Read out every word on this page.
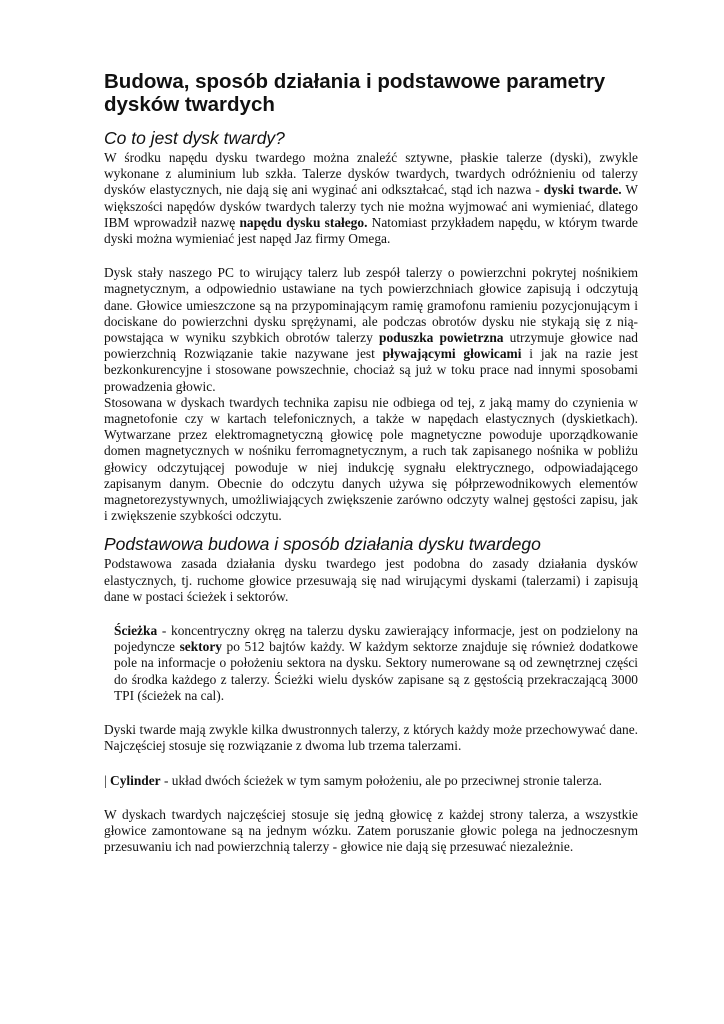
Budowa, sposób działania i podstawowe parametry dysków twardych
Co to jest dysk twardy?

W środku napędu dysku twardego można znaleźć sztywne, płaskie talerze (dyski), zwykle wykonane z aluminium lub szkła. Talerze dysków twardych, twardych odróżnieniu od talerzy dysków elastycznych, nie dają się ani wyginać ani odkształcać, stąd ich nazwa - dyski twarde. W większości napędów dysków twardych talerzy tych nie można wyjmować ani wymieniać, dlatego IBM wprowadził nazwę napędu dysku stałego. Natomiast przykładem napędu, w którym twarde dyski można wymieniać jest napęd Jaz firmy Omega.

Dysk stały naszego PC to wirujący talerz lub zespół talerzy o powierzchni pokrytej nośnikiem magnetycznym, a odpowiednio ustawiane na tych powierzchniach głowice zapisują i odczytują dane. Głowice umieszczone są na przypominającym ramię gramofonu ramieniu pozycjonującym i dociskane do powierzchni dysku sprężynami, ale podczas obrotów dysku nie stykają się z nią- powstająca w wyniku szybkich obrotów talerzy poduszka powietrzna utrzymuje głowice nad powierzchnią Rozwiązanie takie nazywane jest pływającymi głowicami i jak na razie jest bezkonkurencyjne i stosowane powszechnie, chociaż są już w toku prace nad innymi sposobami prowadzenia głowic.

Stosowana w dyskach twardych technika zapisu nie odbiega od tej, z jaką mamy do czynienia w magnetofonie czy w kartach telefonicznych, a także w napędach elastycznych (dyskietkach). Wytwarzane przez elektromagnetyczną głowicę pole magnetyczne powoduje uporządkowanie domen magnetycznych w nośniku ferromagnetycznym, a ruch tak zapisanego nośnika w pobliżu głowicy odczytującej powoduje w niej indukcję sygnału elektrycznego, odpowiadającego zapisanym danym. Obecnie do odczytu danych używa się półprzewodnikowych elementów magnetorezystywnych, umożliwiających zwiększenie zarówno odczyty walnej gęstości zapisu, jak i zwiększenie szybkości odczytu.

Podstawowa budowa i sposób działania dysku twardego

Podstawowa zasada działania dysku twardego jest podobna do zasady działania dysków elastycznych, tj. ruchome głowice przesuwają się nad wirującymi dyskami (talerzami) i zapisują dane w postaci ścieżek i sektorów.

Ścieżka - koncentryczny okręg na talerzu dysku zawierający informacje, jest on podzielony na pojedyncze sektory po 512 bajtów każdy. W każdym sektorze znajduje się również dodatkowe pole na informacje o położeniu sektora na dysku. Sektory numerowane są od zewnętrznej części do środka każdego z talerzy. Ścieżki wielu dysków zapisane są z gęstością przekraczającą 3000 TPI (ścieżek na cal).

Dyski twarde mają zwykle kilka dwustronnych talerzy, z których każdy może przechowywać dane. Najczęściej stosuje się rozwiązanie z dwoma lub trzema talerzami.

| Cylinder - układ dwóch ścieżek w tym samym położeniu, ale po przeciwnej stronie talerza.

W dyskach twardych najczęściej stosuje się jedną głowicę z każdej strony talerza, a wszystkie głowice zamontowane są na jednym wózku. Zatem poruszanie głowic polega na jednoczesnym przesuwaniu ich nad powierzchnią talerzy - głowice nie dają się przesuwać niezależnie.
